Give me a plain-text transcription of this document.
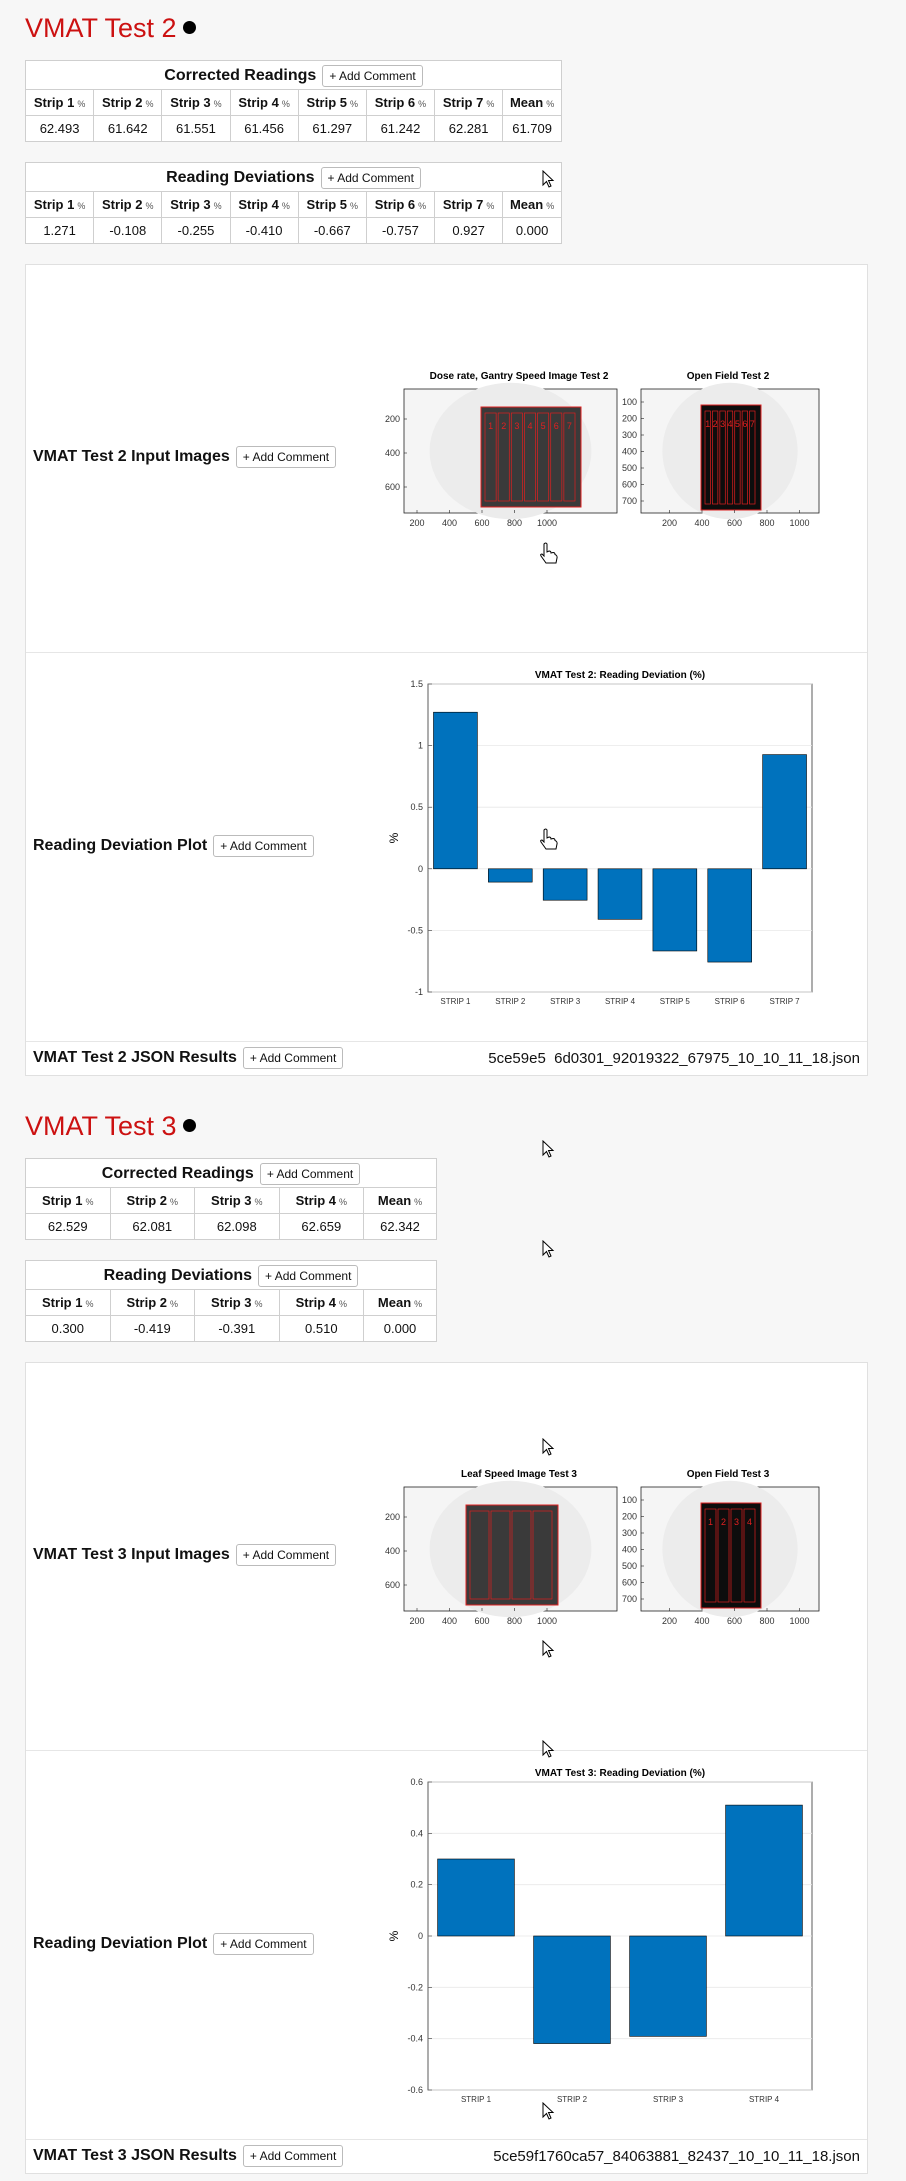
VMAT Test 2
Corrected Readings + Add Comment
Strip 1 %	Strip 2 %	Strip 3 %	Strip 4 %	Strip 5 %	Strip 6 %	Strip 7 %	Mean %
62.493	61.642	61.551	61.456	61.297	61.242	62.281	61.709
Reading Deviations + Add Comment
Strip 1 %	Strip 2 %	Strip 3 %	Strip 4 %	Strip 5 %	Strip 6 %	Strip 7 %	Mean %
1.271	-0.108	-0.255	-0.410	-0.667	-0.757	0.927	0.000
VMAT Test 2 Input Images + Add Comment
Dose rate, Gantry Speed Image Test 2
1 2 3 4 5 6 7
200
400
600
200 400 600 800 1000
Open Field Test 2
1 2 3 4 5 6 7
100
200
300
400
500
600
700
200 400 600 800 1000
Reading Deviation Plot + Add Comment
VMAT Test 2: Reading Deviation (%)
-1
-0.5
0
0.5
1
1.5
%
STRIP 1	STRIP 2	STRIP 3	STRIP 4	STRIP 5	STRIP 6	STRIP 7
VMAT Test 2 JSON Results + Add Comment	5ce59e5  6d0301_92019322_67975_10_10_11_18.json
VMAT Test 3
Corrected Readings + Add Comment
Strip 1 %	Strip 2 %	Strip 3 %	Strip 4 %	Mean %
62.529	62.081	62.098	62.659	62.342
Reading Deviations + Add Comment
Strip 1 %	Strip 2 %	Strip 3 %	Strip 4 %	Mean %
0.300	-0.419	-0.391	0.510	0.000
VMAT Test 3 Input Images + Add Comment
Leaf Speed Image Test 3
200
400
600
200 400 600 800 1000
Open Field Test 3
1 2 3 4
100
200
300
400
500
600
700
200 400 600 800 1000
Reading Deviation Plot + Add Comment
VMAT Test 3: Reading Deviation (%)
-0.6
-0.4
-0.2
0
0.2
0.4
0.6
%
STRIP 1	STRIP 2	STRIP 3	STRIP 4
VMAT Test 3 JSON Results + Add Comment	5ce59f1760ca57_84063881_82437_10_10_11_18.json
